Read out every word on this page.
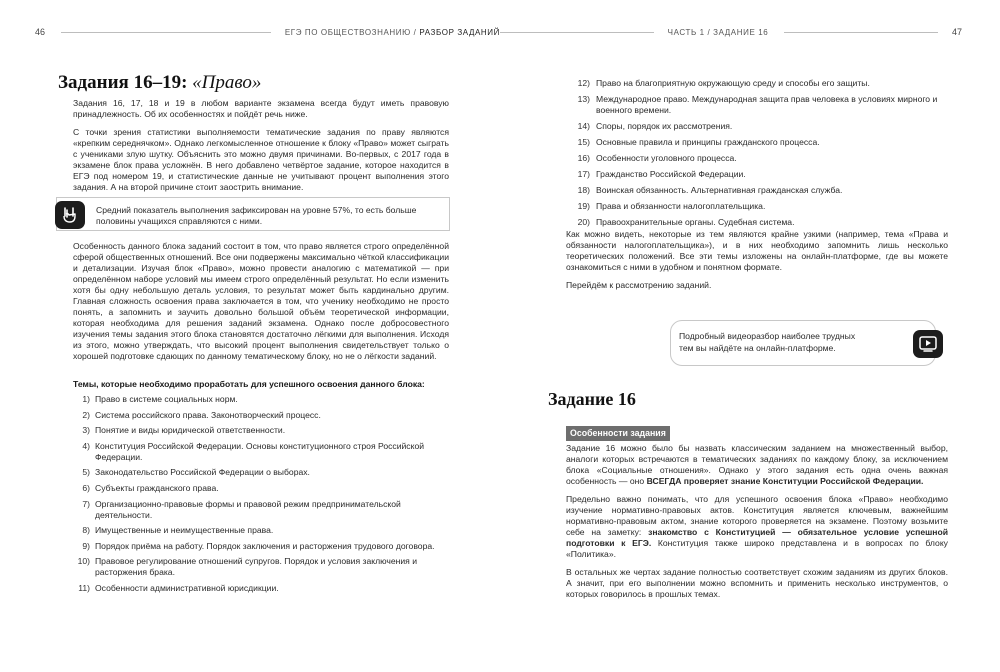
46	ЕГЭ ПО ОБЩЕСТВОЗНАНИЮ / РАЗБОР ЗАДАНИЙ
Задания 16–19: «Право»

Задания 16, 17, 18 и 19 в любом варианте экзамена всегда будут иметь правовую принадлежность. Об их особенностях и пойдёт речь ниже.

С точки зрения статистики выполняемости тематические задания по праву являются «крепким середнячком». Однако легкомысленное отношение к блоку «Право» может сыграть с учениками злую шутку. Объяснить это можно двумя причинами. Во-первых, с 2017 года в экзамене блок права усложнён. В него добавлено четвёртое задание, которое находится в ЕГЭ под номером 19, и статистические данные не учитывают процент выполнения этого задания. А на второй причине стоит заострить внимание.

Средний показатель выполнения зафиксирован на уровне 57%, то есть больше половины учащихся справляются с ними.

Особенность данного блока заданий состоит в том, что право является строго определённой сферой общественных отношений. Все они подвержены максимально чёткой классификации и детализации. Изучая блок «Право», можно провести аналогию с математикой — при определённом наборе условий мы имеем строго определённый результат. Но если изменить хотя бы одну небольшую деталь условия, то результат может быть кардинально другим. Главная сложность освоения права заключается в том, что ученику необходимо не просто понять, а запомнить и заучить довольно большой объём теоретической информации, которая необходима для решения заданий экзамена. Однако после добросовестного изучения темы задания этого блока становятся достаточно лёгкими для выполнения. Исходя из этого, можно утверждать, что высокий процент выполнения свидетельствует только о хорошей подготовке сдающих по данному тематическому блоку, но не о лёгкости заданий.

Темы, которые необходимо проработать для успешного освоения данного блока:
1) Право в системе социальных норм.
2) Система российского права. Законотворческий процесс.
3) Понятие и виды юридической ответственности.
4) Конституция Российской Федерации. Основы конституционного строя Российской Федерации.
5) Законодательство Российской Федерации о выборах.
6) Субъекты гражданского права.
7) Организационно-правовые формы и правовой режим предпринимательской деятельности.
8) Имущественные и неимущественные права.
9) Порядок приёма на работу. Порядок заключения и расторжения трудового договора.
10) Правовое регулирование отношений супругов. Порядок и условия заключения и расторжения брака.
11) Особенности административной юрисдикции.
ЧАСТЬ 1 / ЗАДАНИЕ 16	47
12) Право на благоприятную окружающую среду и способы его защиты.
13) Международное право. Международная защита прав человека в условиях мирного и военного времени.
14) Споры, порядок их рассмотрения.
15) Основные правила и принципы гражданского процесса.
16) Особенности уголовного процесса.
17) Гражданство Российской Федерации.
18) Воинская обязанность. Альтернативная гражданская служба.
19) Права и обязанности налогоплательщика.
20) Правоохранительные органы. Судебная система.

Как можно видеть, некоторые из тем являются крайне узкими (например, тема «Права и обязанности налогоплательщика»), и в них необходимо запомнить лишь несколько теоретических положений. Все эти темы изложены на онлайн-платформе, где вы можете ознакомиться с ними в удобном и понятном формате.

Перейдём к рассмотрению заданий.

Подробный видеоразбор наиболее трудных тем вы найдёте на онлайн-платформе.
Задание 16
Особенности задания

Задание 16 можно было бы назвать классическим заданием на множественный выбор, аналоги которых встречаются в тематических заданиях по каждому блоку, за исключением блока «Социальные отношения». Однако у этого задания есть одна очень важная особенность — оно ВСЕГДА проверяет знание Конституции Российской Федерации.

Предельно важно понимать, что для успешного освоения блока «Право» необходимо изучение нормативно-правовых актов. Конституция является ключевым, важнейшим нормативно-правовым актом, знание которого проверяется на экзамене. Поэтому возьмите себе на заметку: знакомство с Конституцией — обязательное условие успешной подготовки к ЕГЭ. Конституция также широко представлена и в вопросах по блоку «Политика».

В остальных же чертах задание полностью соответствует схожим заданиям из других блоков. А значит, при его выполнении можно вспомнить и применить несколько инструментов, о которых говорилось в прошлых темах.
